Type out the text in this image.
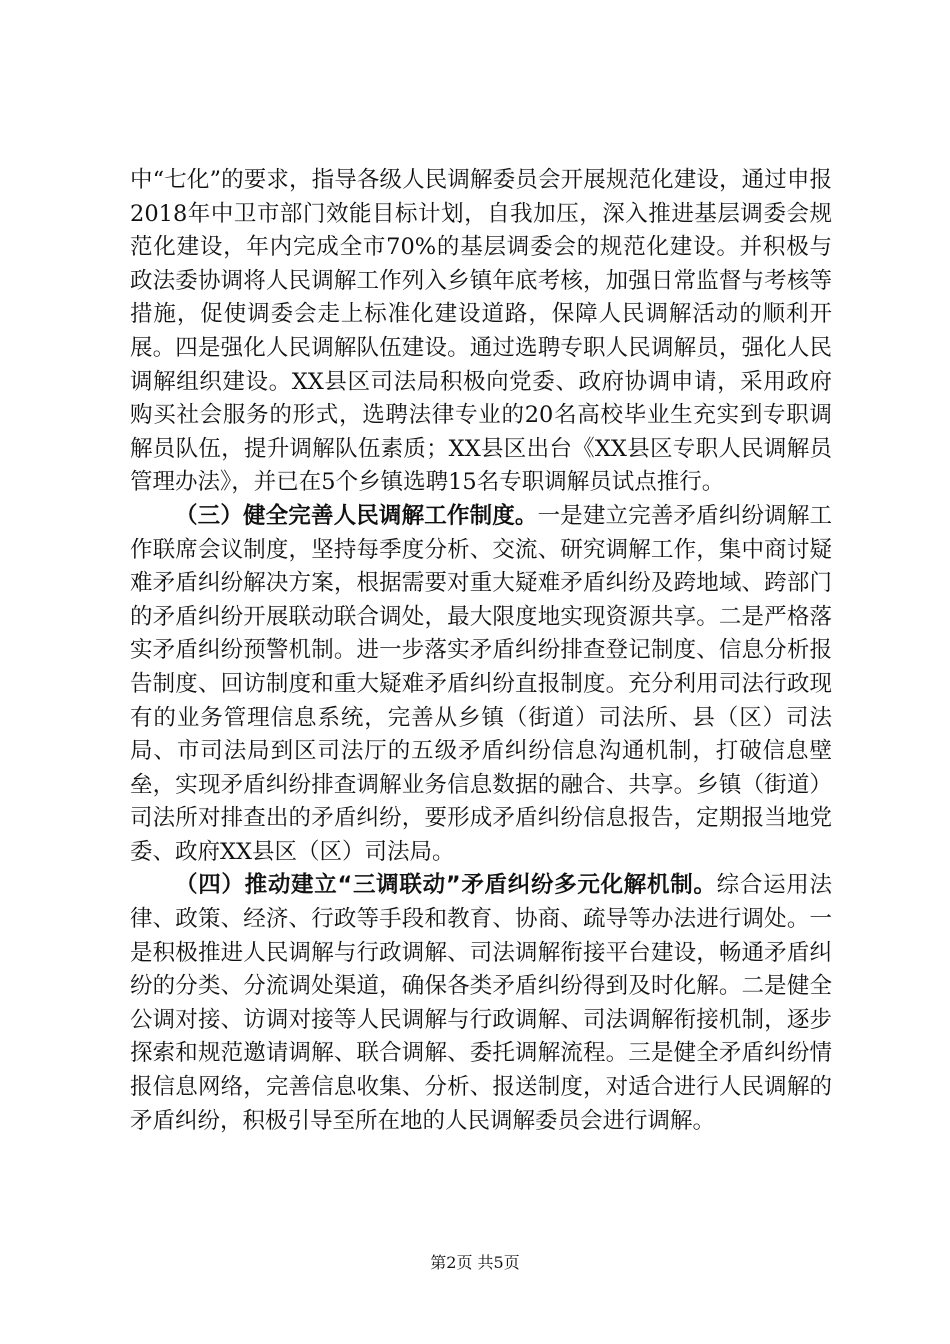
中“七化”的要求，指导各级人民调解委员会开展规范化建设，通过申报2018年中卫市部门效能目标计划，自我加压，深入推进基层调委会规范化建设，年内完成全市70%的基层调委会的规范化建设。并积极与政法委协调将人民调解工作列入乡镇年底考核，加强日常监督与考核等措施，促使调委会走上标准化建设道路，保障人民调解活动的顺利开展。四是强化人民调解队伍建设。通过选聘专职人民调解员，强化人民调解组织建设。XX县区司法局积极向党委、政府协调申请，采用政府购买社会服务的形式，选聘法律专业的20名高校毕业生充实到专职调解员队伍，提升调解队伍素质；XX县区出台《XX县区专职人民调解员管理办法》，并已在5个乡镇选聘15名专职调解员试点推行。

（三）健全完善人民调解工作制度。一是建立完善矛盾纠纷调解工作联席会议制度，坚持每季度分析、交流、研究调解工作，集中商讨疑难矛盾纠纷解决方案，根据需要对重大疑难矛盾纠纷及跨地域、跨部门的矛盾纠纷开展联动联合调处，最大限度地实现资源共享。二是严格落实矛盾纠纷预警机制。进一步落实矛盾纠纷排查登记制度、信息分析报告制度、回访制度和重大疑难矛盾纠纷直报制度。充分利用司法行政现有的业务管理信息系统，完善从乡镇（街道）司法所、县（区）司法局、市司法局到区司法厅的五级矛盾纠纷信息沟通机制，打破信息壁垒，实现矛盾纠纷排查调解业务信息数据的融合、共享。乡镇（街道）司法所对排查出的矛盾纠纷，要形成矛盾纠纷信息报告，定期报当地党委、政府XX县区（区）司法局。

（四）推动建立“三调联动”矛盾纠纷多元化解机制。综合运用法律、政策、经济、行政等手段和教育、协商、疏导等办法进行调处。一是积极推进人民调解与行政调解、司法调解衔接平台建设，畅通矛盾纠纷的分类、分流调处渠道，确保各类矛盾纠纷得到及时化解。二是健全公调对接、访调对接等人民调解与行政调解、司法调解衔接机制，逐步探索和规范邀请调解、联合调解、委托调解流程。三是健全矛盾纠纷情报信息网络，完善信息收集、分析、报送制度，对适合进行人民调解的矛盾纠纷，积极引导至所在地的人民调解委员会进行调解。

第2页 共5页
